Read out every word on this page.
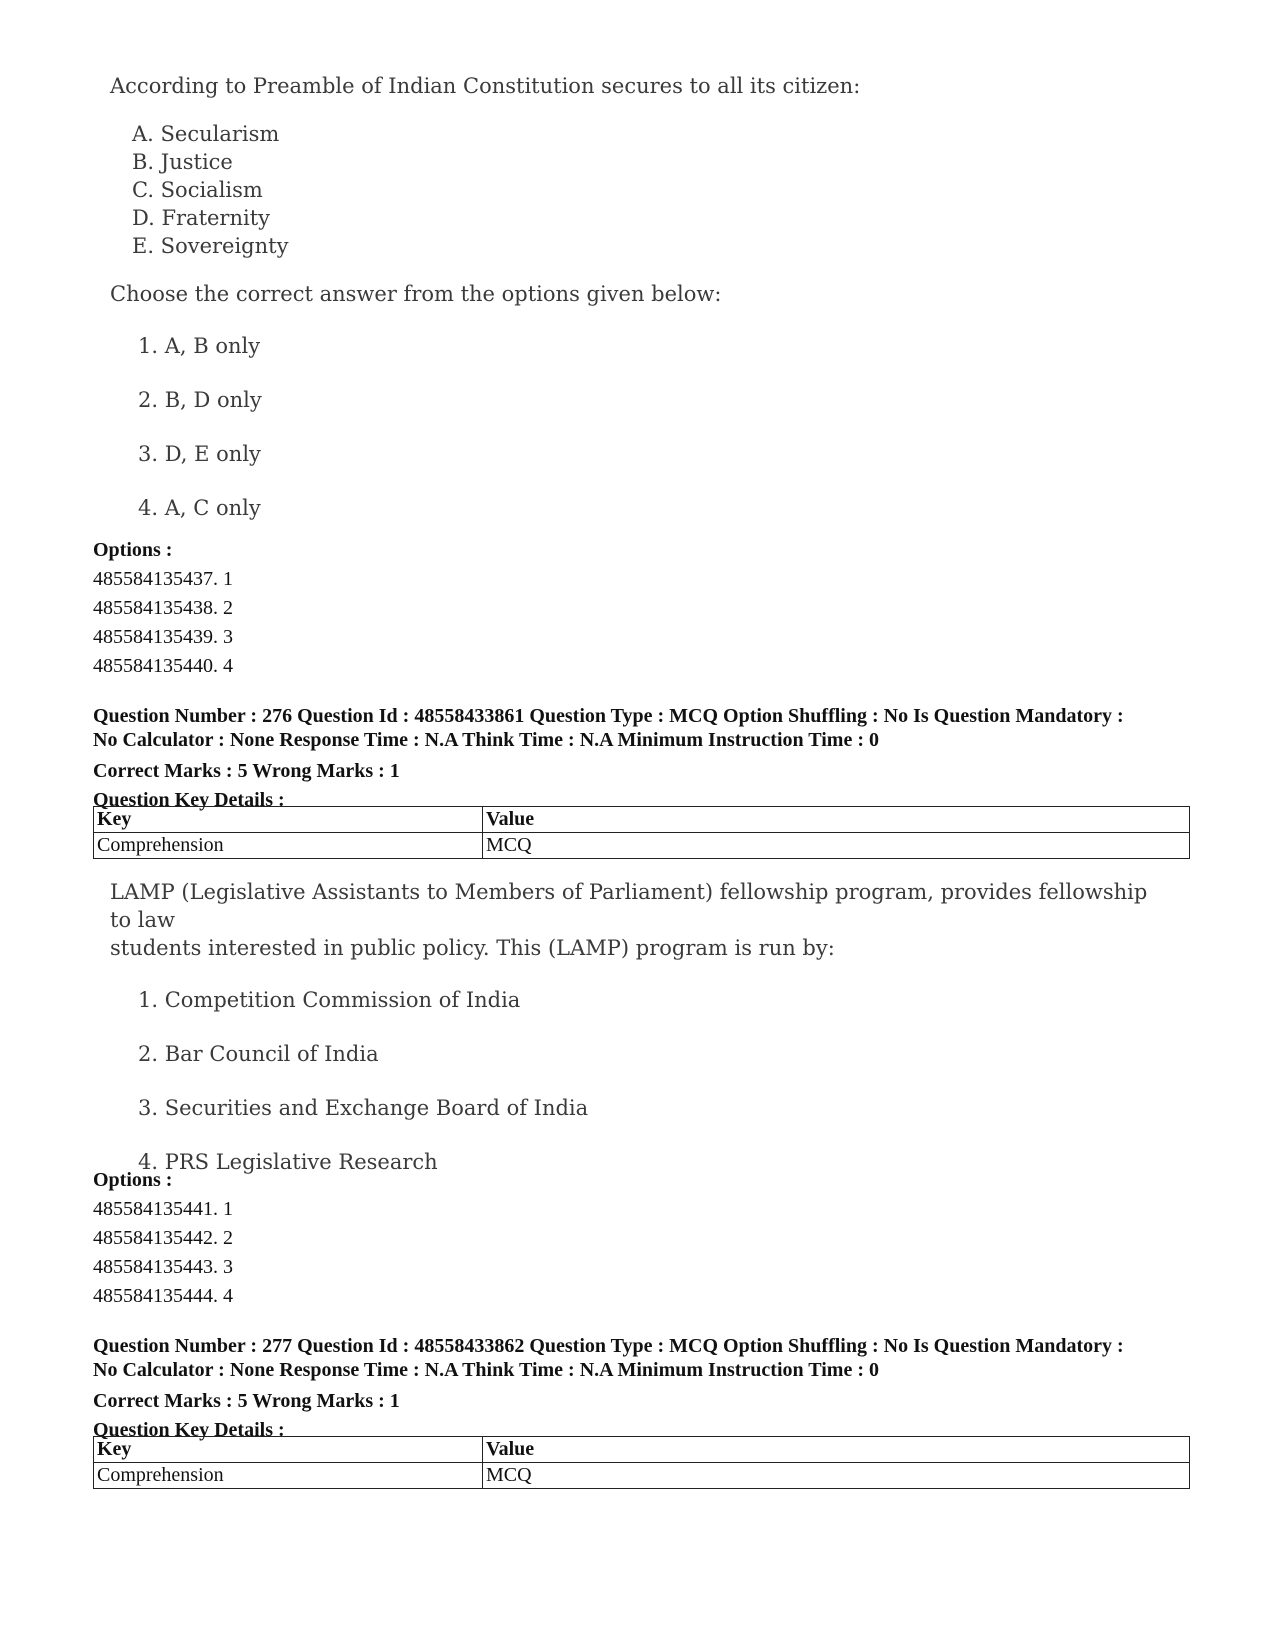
According to Preamble of Indian Constitution secures to all its citizen:

A. Secularism
B. Justice
C. Socialism
D. Fraternity
E. Sovereignty

Choose the correct answer from the options given below:

1. A, B only
2. B, D only
3. D, E only
4. A, C only
Options :
485584135437. 1
485584135438. 2
485584135439. 3
485584135440. 4

Question Number : 276 Question Id : 48558433861 Question Type : MCQ Option Shuffling : No Is Question Mandatory :

No Calculator : None Response Time : N.A Think Time : N.A Minimum Instruction Time : 0

Correct Marks : 5 Wrong Marks : 1

Question Key Details :

Key	Value
Comprehension	MCQ

LAMP (Legislative Assistants to Members of Parliament) fellowship program, provides fellowship to law

students interested in public policy. This (LAMP) program is run by:

1. Competition Commission of India
2. Bar Council of India
3. Securities and Exchange Board of India
4. PRS Legislative Research
Options :
485584135441. 1
485584135442. 2
485584135443. 3
485584135444. 4

Question Number : 277 Question Id : 48558433862 Question Type : MCQ Option Shuffling : No Is Question Mandatory :

No Calculator : None Response Time : N.A Think Time : N.A Minimum Instruction Time : 0

Correct Marks : 5 Wrong Marks : 1

Question Key Details :

Key	Value
Comprehension	MCQ
